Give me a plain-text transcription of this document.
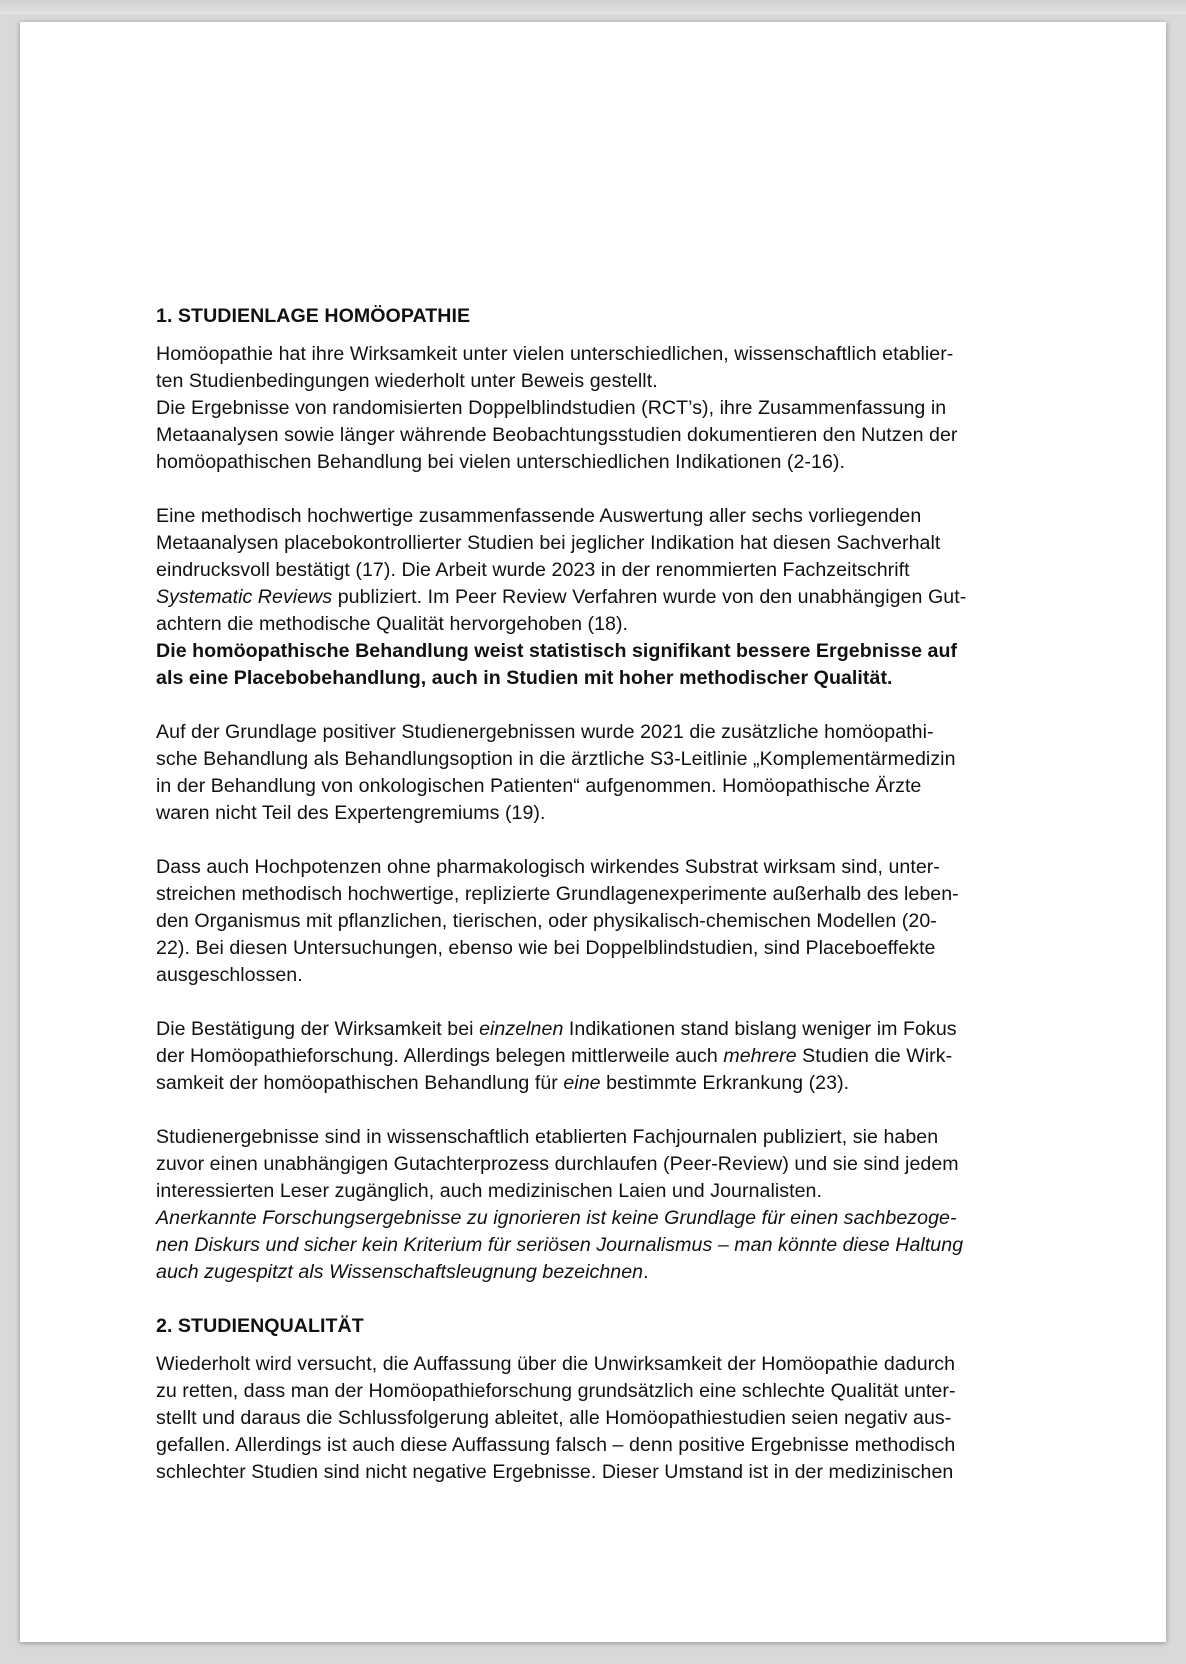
1. STUDIENLAGE HOMÖOPATHIE

Homöopathie hat ihre Wirksamkeit unter vielen unterschiedlichen, wissenschaftlich etablier-
ten Studienbedingungen wiederholt unter Beweis gestellt.
Die Ergebnisse von randomisierten Doppelblindstudien (RCT’s), ihre Zusammenfassung in
Metaanalysen sowie länger währende Beobachtungsstudien dokumentieren den Nutzen der
homöopathischen Behandlung bei vielen unterschiedlichen Indikationen (2-16).

Eine methodisch hochwertige zusammenfassende Auswertung aller sechs vorliegenden
Metaanalysen placebokontrollierter Studien bei jeglicher Indikation hat diesen Sachverhalt
eindrucksvoll bestätigt (17). Die Arbeit wurde 2023 in der renommierten Fachzeitschrift
Systematic Reviews publiziert. Im Peer Review Verfahren wurde von den unabhängigen Gut-
achtern die methodische Qualität hervorgehoben (18).
Die homöopathische Behandlung weist statistisch signifikant bessere Ergebnisse auf
als eine Placebobehandlung, auch in Studien mit hoher methodischer Qualität.

Auf der Grundlage positiver Studienergebnissen wurde 2021 die zusätzliche homöopathi-
sche Behandlung als Behandlungsoption in die ärztliche S3-Leitlinie „Komplementärmedizin
in der Behandlung von onkologischen Patienten“ aufgenommen. Homöopathische Ärzte
waren nicht Teil des Expertengremiums (19).

Dass auch Hochpotenzen ohne pharmakologisch wirkendes Substrat wirksam sind, unter-
streichen methodisch hochwertige, replizierte Grundlagenexperimente außerhalb des leben-
den Organismus mit pflanzlichen, tierischen, oder physikalisch-chemischen Modellen (20-
22). Bei diesen Untersuchungen, ebenso wie bei Doppelblindstudien, sind Placeboeffekte
ausgeschlossen.

Die Bestätigung der Wirksamkeit bei einzelnen Indikationen stand bislang weniger im Fokus
der Homöopathieforschung. Allerdings belegen mittlerweile auch mehrere Studien die Wirk-
samkeit der homöopathischen Behandlung für eine bestimmte Erkrankung (23).

Studienergebnisse sind in wissenschaftlich etablierten Fachjournalen publiziert, sie haben
zuvor einen unabhängigen Gutachterprozess durchlaufen (Peer-Review) und sie sind jedem
interessierten Leser zugänglich, auch medizinischen Laien und Journalisten.
Anerkannte Forschungsergebnisse zu ignorieren ist keine Grundlage für einen sachbezoge-
nen Diskurs und sicher kein Kriterium für seriösen Journalismus – man könnte diese Haltung
auch zugespitzt als Wissenschaftsleugnung bezeichnen.

2. STUDIENQUALITÄT

Wiederholt wird versucht, die Auffassung über die Unwirksamkeit der Homöopathie dadurch
zu retten, dass man der Homöopathieforschung grundsätzlich eine schlechte Qualität unter-
stellt und daraus die Schlussfolgerung ableitet, alle Homöopathiestudien seien negativ aus-
gefallen. Allerdings ist auch diese Auffassung falsch – denn positive Ergebnisse methodisch
schlechter Studien sind nicht negative Ergebnisse. Dieser Umstand ist in der medizinischen
